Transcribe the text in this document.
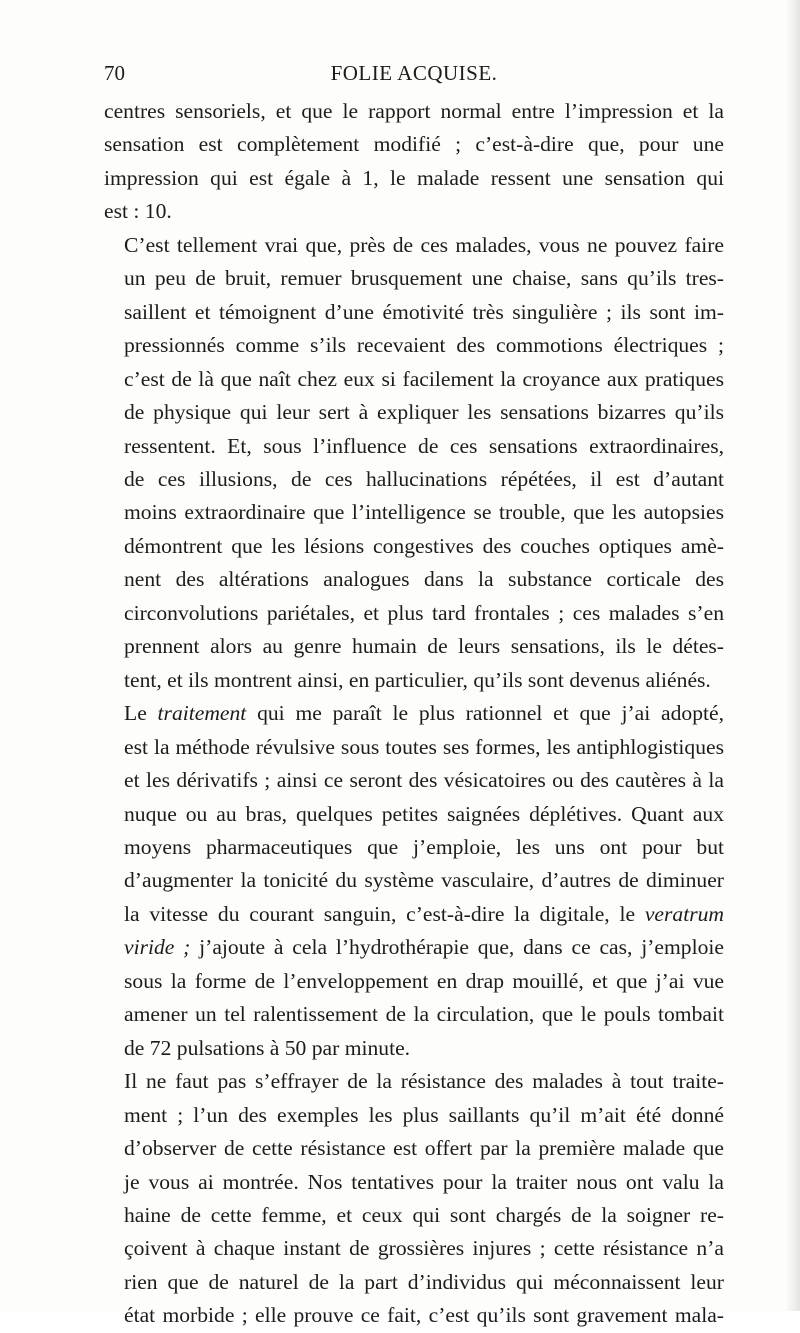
70	FOLIE ACQUISE.

centres sensoriels, et que le rapport normal entre l’impression et la
sensation est complètement modifié ; c’est-à-dire que, pour une
impression qui est égale à 1, le malade ressent une sensation qui
est : 10.

C’est tellement vrai que, près de ces malades, vous ne pouvez faire
un peu de bruit, remuer brusquement une chaise, sans qu’ils tres-
saillent et témoignent d’une émotivité très singulière ; ils sont im-
pressionnés comme s’ils recevaient des commotions électriques ;
c’est de là que naît chez eux si facilement la croyance aux pratiques
de physique qui leur sert à expliquer les sensations bizarres qu’ils
ressentent. Et, sous l’influence de ces sensations extraordinaires,
de ces illusions, de ces hallucinations répétées, il est d’autant
moins extraordinaire que l’intelligence se trouble, que les autopsies
démontrent que les lésions congestives des couches optiques amè-
nent des altérations analogues dans la substance corticale des
circonvolutions pariétales, et plus tard frontales ; ces malades s’en
prennent alors au genre humain de leurs sensations, ils le détes-
tent, et ils montrent ainsi, en particulier, qu’ils sont devenus aliénés.

Le traitement qui me paraît le plus rationnel et que j’ai adopté,
est la méthode révulsive sous toutes ses formes, les antiphlogistiques
et les dérivatifs ; ainsi ce seront des vésicatoires ou des cautères à la
nuque ou au bras, quelques petites saignées déplétives. Quant aux
moyens pharmaceutiques que j’emploie, les uns ont pour but
d’augmenter la tonicité du système vasculaire, d’autres de diminuer
la vitesse du courant sanguin, c’est-à-dire la digitale, le veratrum
viride ; j’ajoute à cela l’hydrothérapie que, dans ce cas, j’emploie
sous la forme de l’enveloppement en drap mouillé, et que j’ai vue
amener un tel ralentissement de la circulation, que le pouls tombait
de 72 pulsations à 50 par minute.

Il ne faut pas s’effrayer de la résistance des malades à tout traite-
ment ; l’un des exemples les plus saillants qu’il m’ait été donné
d’observer de cette résistance est offert par la première malade que
je vous ai montrée. Nos tentatives pour la traiter nous ont valu la
haine de cette femme, et ceux qui sont chargés de la soigner re-
çoivent à chaque instant de grossières injures ; cette résistance n’a
rien que de naturel de la part d’individus qui méconnaissent leur
état morbide ; elle prouve ce fait, c’est qu’ils sont gravement mala-
